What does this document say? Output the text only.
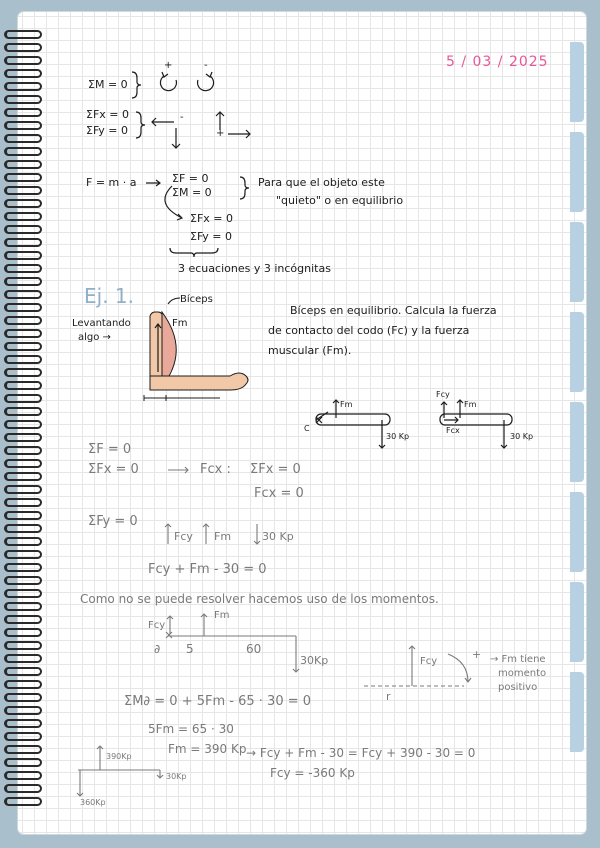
5 / 03 / 2025
ΣM = 0
+	-
ΣFx = 0
ΣFy = 0
-
+
F = m · a	ΣF = 0
ΣM = 0
Para que el objeto este
"quieto" o en equilibrio
ΣFx = 0
ΣFy = 0
3 ecuaciones y 3 incógnitas
Ej. 1.	Bíceps
Levantando
algo →
Fm
Bíceps en equilibrio. Calcula la fuerza
de contacto del codo (Fc) y la fuerza
muscular (Fm).
C
Fm
30 Kp
Fcy
Fcx
Fm
30 Kp
ΣF = 0
ΣFx = 0	Fcx : ΣFx = 0
Fcx = 0
ΣFy = 0
Fcy Fm	30 Kp
Fcy + Fm - 30 = 0
Como no se puede resolver hacemos uso de los momentos.
Fcy
Fm
∂ 5	60
30Kp	Fcy
+ → Fm tiene
momento
positivo
r
ΣM∂ = 0 + 5Fm - 65 · 30 = 0
5Fm = 65 · 30
Fm = 390 Kp → Fcy + Fm - 30 = Fcy + 390 - 30 = 0
Fcy = -360 Kp
390Kp
30Kp
360Kp
